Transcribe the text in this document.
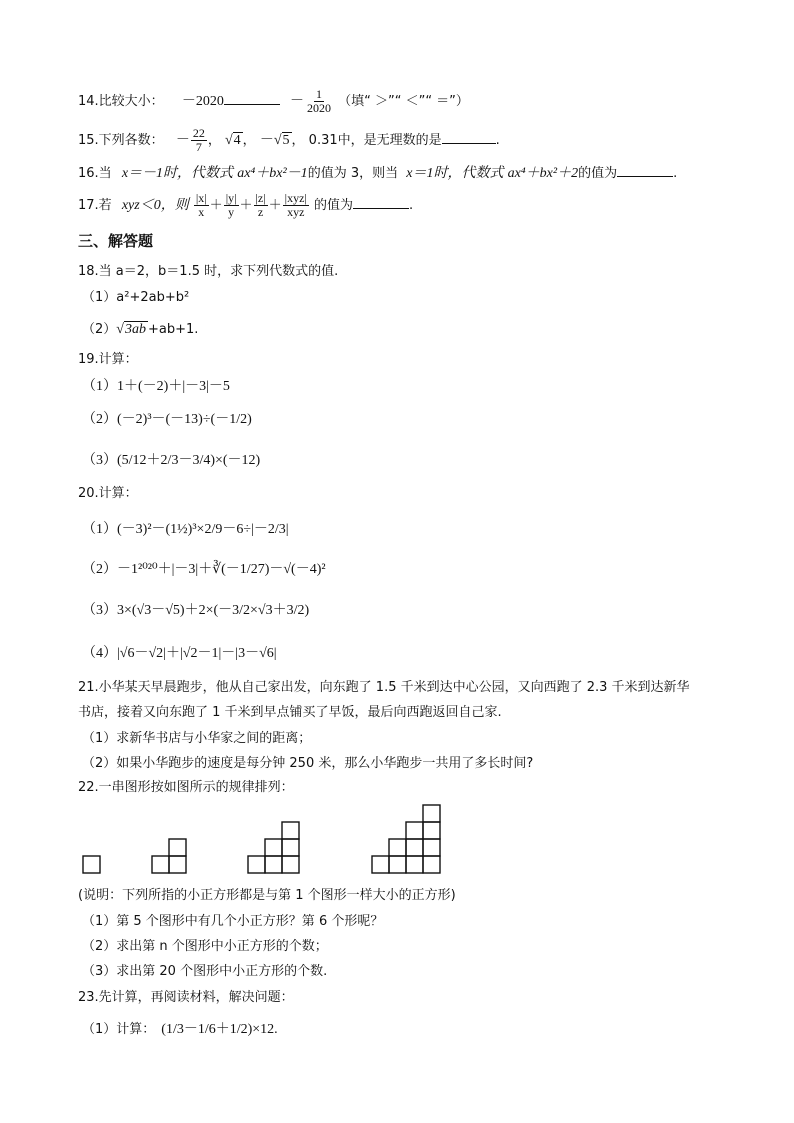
14.比较大小： －2020	－ $\frac{1}{2020}$ （填“ ＞”“ ＜”“ ＝”）
15.下列各数： － $\frac{22}{7}$ ， √4 ， －√5 ， 0.31中，是无理数的是	.
16.当 x＝－1时，代数式 ax⁴＋bx²－1的值为 3，则当 x＝1时，代数式 ax⁴＋bx²＋2的值为	.
17.若 xyz＜0，则 $\frac{|x|}{x} + \frac{|y|}{y} + \frac{|z|}{z} + \frac{\text{|xyz|}}{\text{xyz}}$ 的值为	.
三、解答题
18.当 a＝2，b＝1.5 时，求下列代数式的值.
（1）a²+2ab+b²
（2）√3ab +ab+1.
19.计算：
（1）1＋(－2)＋|－3|－5
（2）(－2)³－(－13)÷(－1/2)
（3）(5/12＋2/3－3/4)×(－12)
20.计算：
（1）(－3)²－(1½)³×2/9－6÷|－2/3|
（2）－1²⁰²⁰＋|－3|＋∛(－1/27)－√(－4)²
（3）3×(√3－√5)＋2×(－3/2×√3＋3/2)
（4）|√6－√2|＋|√2－1|－|3－√6|
21.小华某天早晨跑步，他从自己家出发，向东跑了 1.5 千米到达中心公园，又向西跑了 2.3 千米到达新华
书店，接着又向东跑了 1 千米到早点铺买了早饭，最后向西跑返回自己家.
（1）求新华书店与小华家之间的距离；
（2）如果小华跑步的速度是每分钟 250 米，那么小华跑步一共用了多长时间?
22.一串图形按如图所示的规律排列：
(说明：下列所指的小正方形都是与第 1 个图形一样大小的正方形)
（1）第 5 个图形中有几个小正方形？第 6 个形呢？
（2）求出第 n 个图形中小正方形的个数；
（3）求出第 20 个图形中小正方形的个数.
23.先计算，再阅读材料，解决问题：
（1）计算： (1/3－1/6＋1/2)×12.
